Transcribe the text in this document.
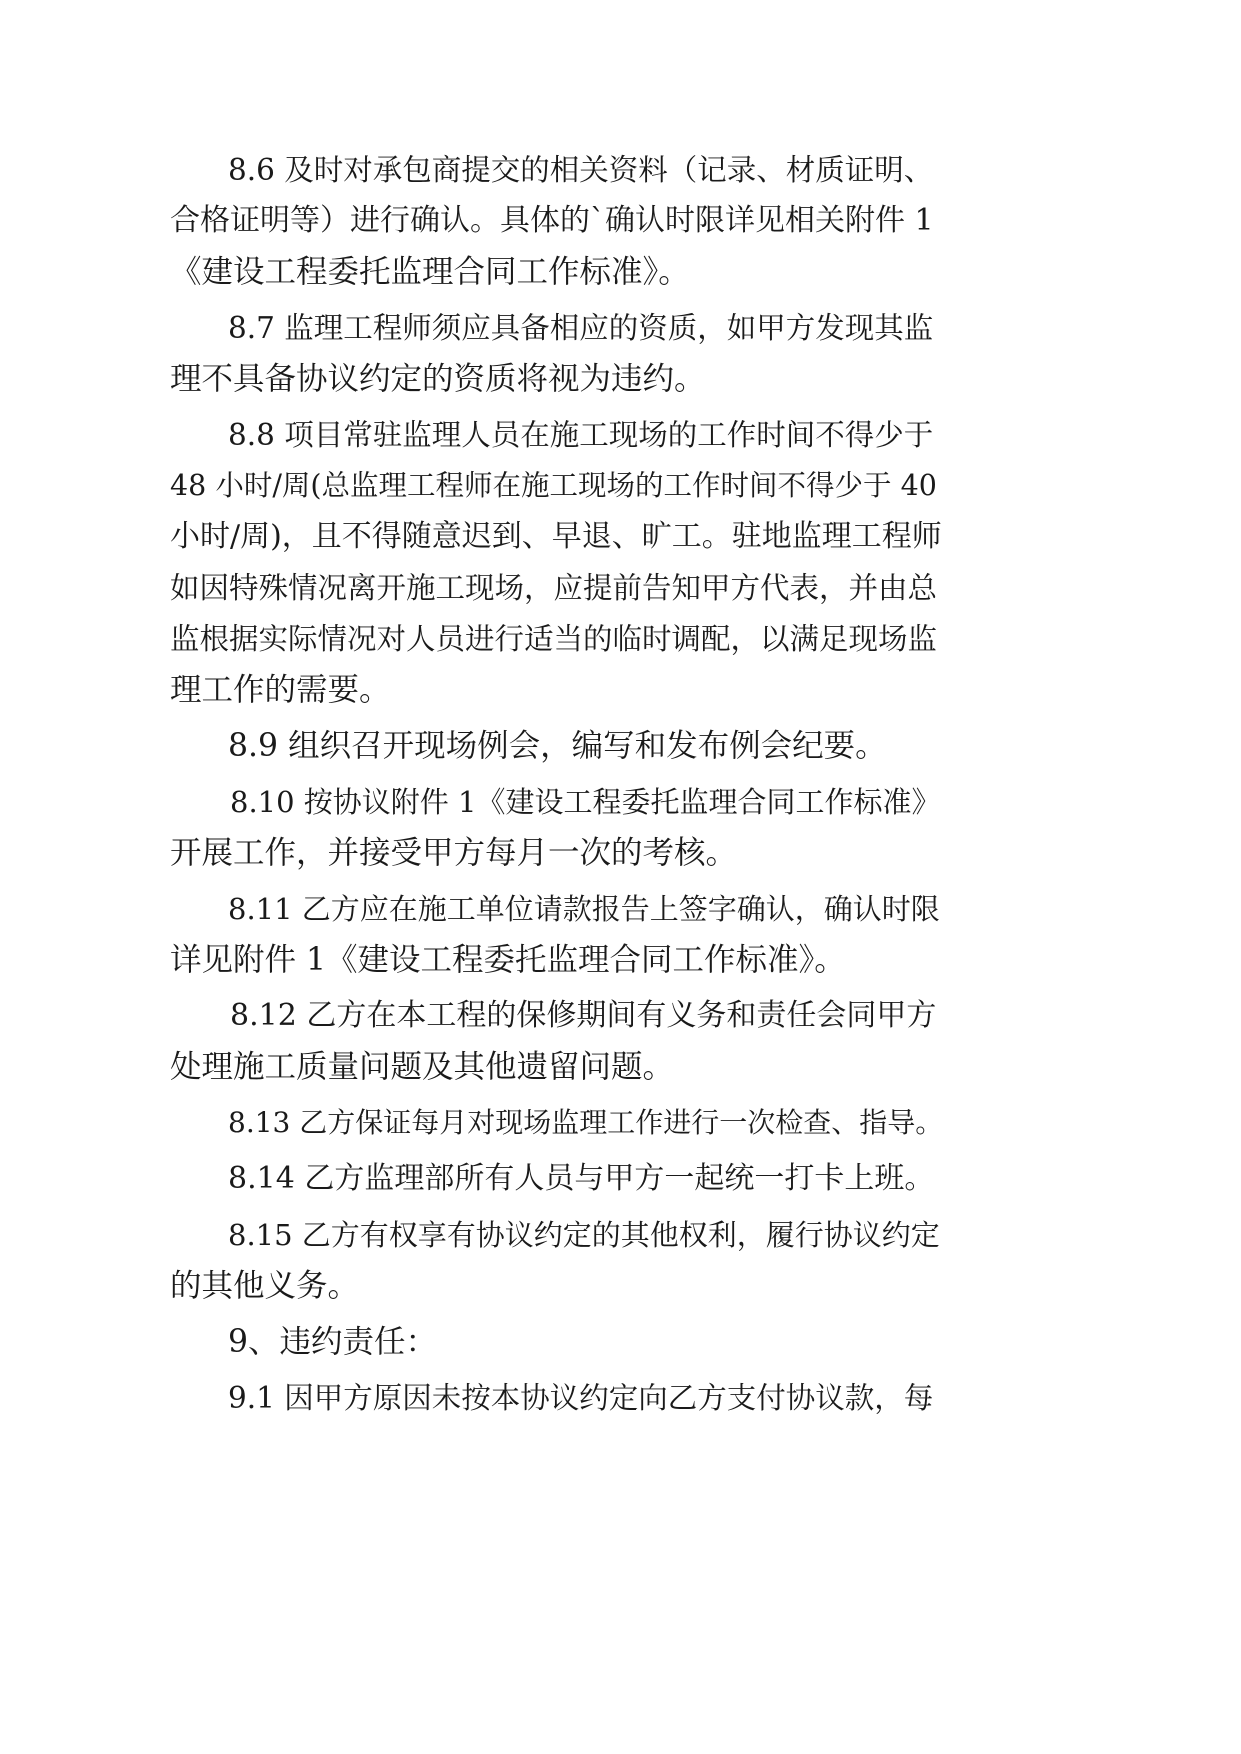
8.6 及时对承包商提交的相关资料（记录、材质证明、
合格证明等）进行确认。具体的`确认时限详见相关附件 1
《建设工程委托监理合同工作标准》。
8.7 监理工程师须应具备相应的资质，如甲方发现其监
理不具备协议约定的资质将视为违约。
8.8 项目常驻监理人员在施工现场的工作时间不得少于
48 小时/周(总监理工程师在施工现场的工作时间不得少于 40
小时/周)，且不得随意迟到、早退、旷工。驻地监理工程师
如因特殊情况离开施工现场，应提前告知甲方代表，并由总
监根据实际情况对人员进行适当的临时调配，以满足现场监
理工作的需要。
8.9 组织召开现场例会，编写和发布例会纪要。
8.10 按协议附件 1《建设工程委托监理合同工作标准》
开展工作，并接受甲方每月一次的考核。
8.11 乙方应在施工单位请款报告上签字确认，确认时限
详见附件 1《建设工程委托监理合同工作标准》。
8.12 乙方在本工程的保修期间有义务和责任会同甲方
处理施工质量问题及其他遗留问题。
8.13 乙方保证每月对现场监理工作进行一次检查、指导。
8.14 乙方监理部所有人员与甲方一起统一打卡上班。
8.15 乙方有权享有协议约定的其他权利，履行协议约定
的其他义务。
9、违约责任：
9.1 因甲方原因未按本协议约定向乙方支付协议款，每
